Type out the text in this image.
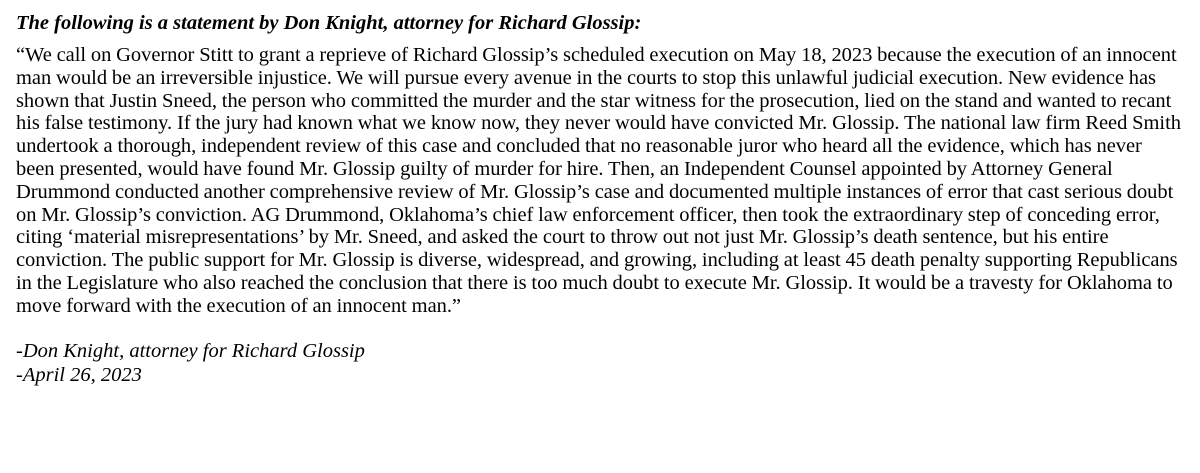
The following is a statement by Don Knight, attorney for Richard Glossip:

“We call on Governor Stitt to grant a reprieve of Richard Glossip’s scheduled execution on May 18, 2023 because the execution of an innocent man would be an irreversible injustice. We will pursue every avenue in the courts to stop this unlawful judicial execution. New evidence has shown that Justin Sneed, the person who committed the murder and the star witness for the prosecution, lied on the stand and wanted to recant his false testimony. If the jury had known what we know now, they never would have convicted Mr. Glossip. The national law firm Reed Smith undertook a thorough, independent review of this case and concluded that no reasonable juror who heard all the evidence, which has never been presented, would have found Mr. Glossip guilty of murder for hire. Then, an Independent Counsel appointed by Attorney General Drummond conducted another comprehensive review of Mr. Glossip’s case and documented multiple instances of error that cast serious doubt on Mr. Glossip’s conviction. AG Drummond, Oklahoma’s chief law enforcement officer, then took the extraordinary step of conceding error, citing ‘material misrepresentations’ by Mr. Sneed, and asked the court to throw out not just Mr. Glossip’s death sentence, but his entire conviction. The public support for Mr. Glossip is diverse, widespread, and growing, including at least 45 death penalty supporting Republicans in the Legislature who also reached the conclusion that there is too much doubt to execute Mr. Glossip. It would be a travesty for Oklahoma to move forward with the execution of an innocent man.”

-Don Knight, attorney for Richard Glossip
-April 26, 2023
